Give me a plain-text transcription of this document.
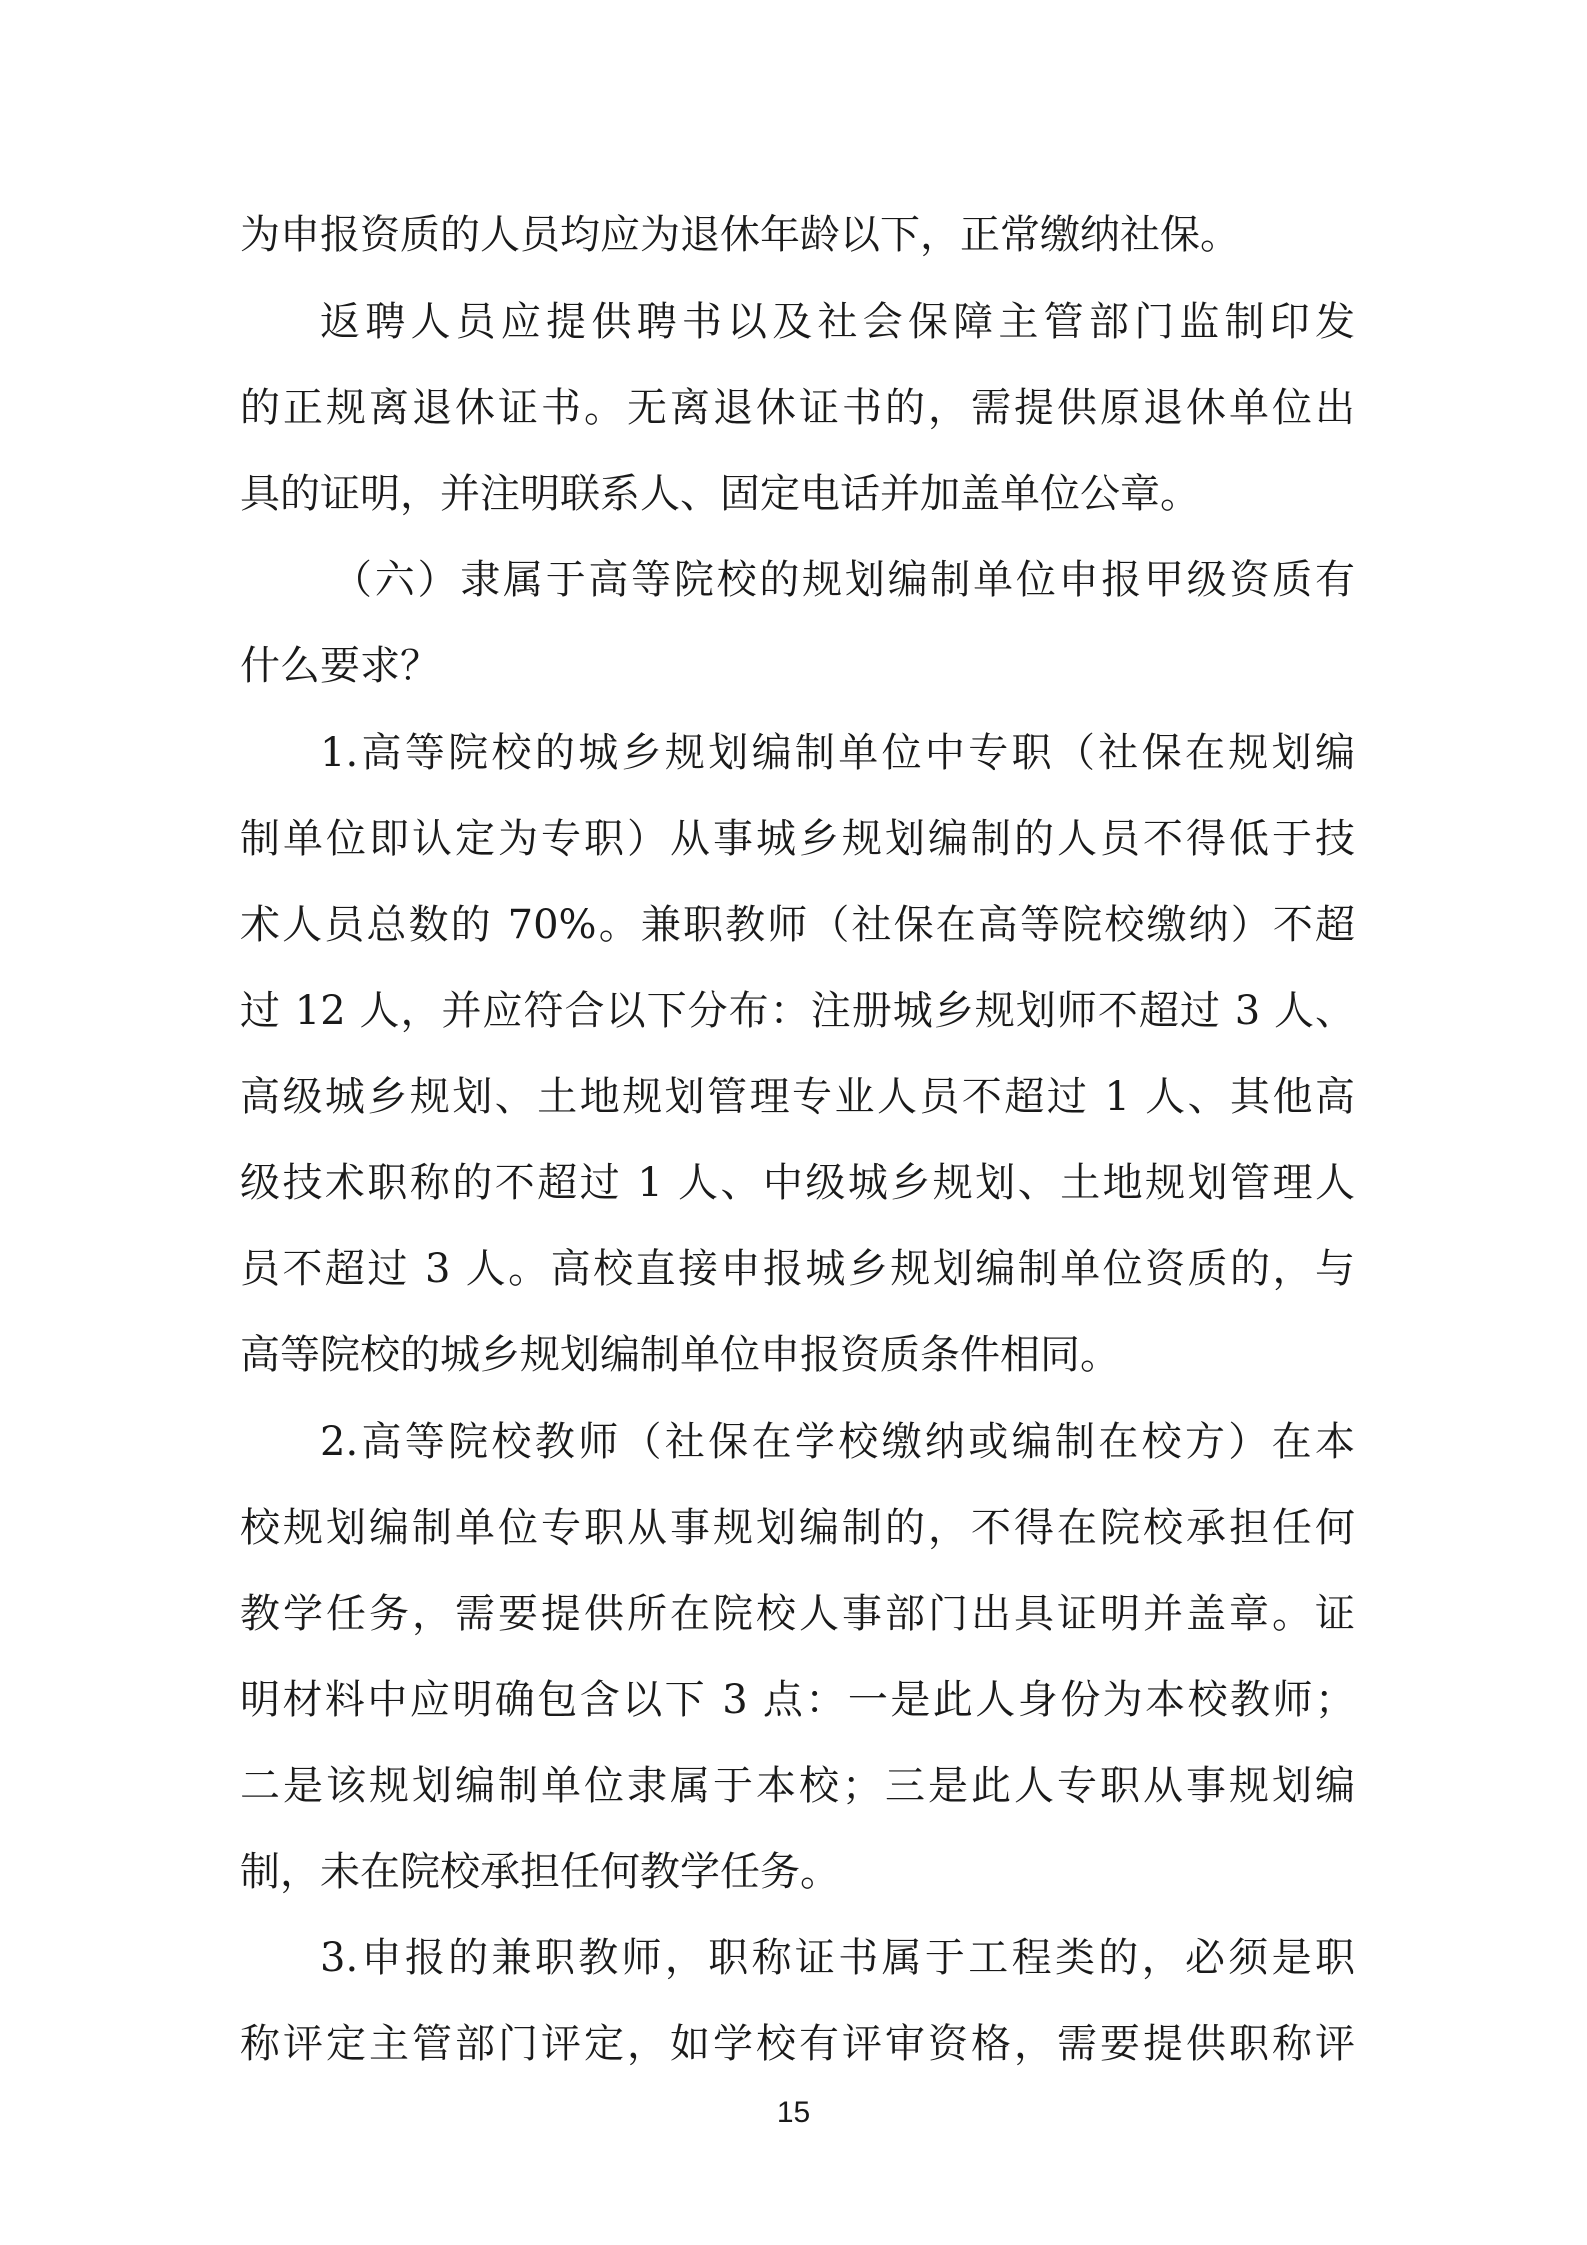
为申报资质的人员均应为退休年龄以下，正常缴纳社保。
返聘人员应提供聘书以及社会保障主管部门监制印发
的正规离退休证书。无离退休证书的，需提供原退休单位出
具的证明，并注明联系人、固定电话并加盖单位公章。
（六）隶属于高等院校的规划编制单位申报甲级资质有
什么要求？
1.高等院校的城乡规划编制单位中专职（社保在规划编
制单位即认定为专职）从事城乡规划编制的人员不得低于技
术人员总数的 70%。兼职教师（社保在高等院校缴纳）不超
过 12 人，并应符合以下分布：注册城乡规划师不超过 3 人、
高级城乡规划、土地规划管理专业人员不超过 1 人、其他高
级技术职称的不超过 1 人、中级城乡规划、土地规划管理人
员不超过 3 人。高校直接申报城乡规划编制单位资质的，与
高等院校的城乡规划编制单位申报资质条件相同。
2.高等院校教师（社保在学校缴纳或编制在校方）在本
校规划编制单位专职从事规划编制的，不得在院校承担任何
教学任务，需要提供所在院校人事部门出具证明并盖章。证
明材料中应明确包含以下 3 点：一是此人身份为本校教师；
二是该规划编制单位隶属于本校；三是此人专职从事规划编
制，未在院校承担任何教学任务。
3.申报的兼职教师，职称证书属于工程类的，必须是职
称评定主管部门评定，如学校有评审资格，需要提供职称评
15
